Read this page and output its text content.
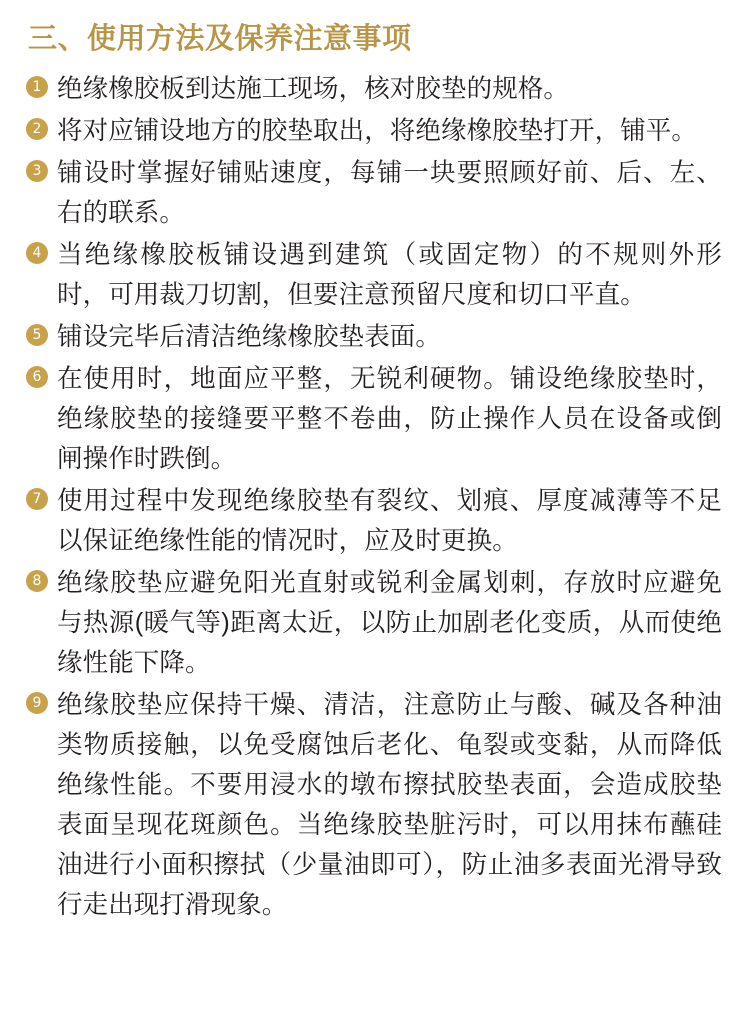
三、使用方法及保养注意事项
1 绝缘橡胶板到达施工现场，核对胶垫的规格。
2 将对应铺设地方的胶垫取出，将绝缘橡胶垫打开，铺平。
3 铺设时掌握好铺贴速度，每铺一块要照顾好前、后、左、右的联系。
4 当绝缘橡胶板铺设遇到建筑（或固定物）的不规则外形时，可用裁刀切割，但要注意预留尺度和切口平直。
5 铺设完毕后清洁绝缘橡胶垫表面。
6 在使用时，地面应平整，无锐利硬物。铺设绝缘胶垫时，绝缘胶垫的接缝要平整不卷曲，防止操作人员在设备或倒闸操作时跌倒。
7 使用过程中发现绝缘胶垫有裂纹、划痕、厚度减薄等不足以保证绝缘性能的情况时，应及时更换。
8 绝缘胶垫应避免阳光直射或锐利金属划刺，存放时应避免与热源(暖气等)距离太近，以防止加剧老化变质，从而使绝缘性能下降。
9 绝缘胶垫应保持干燥、清洁，注意防止与酸、碱及各种油类物质接触，以免受腐蚀后老化、龟裂或变黏，从而降低绝缘性能。不要用浸水的墩布擦拭胶垫表面，会造成胶垫表面呈现花斑颜色。当绝缘胶垫脏污时，可以用抹布蘸硅油进行小面积擦拭（少量油即可），防止油多表面光滑导致行走出现打滑现象。
